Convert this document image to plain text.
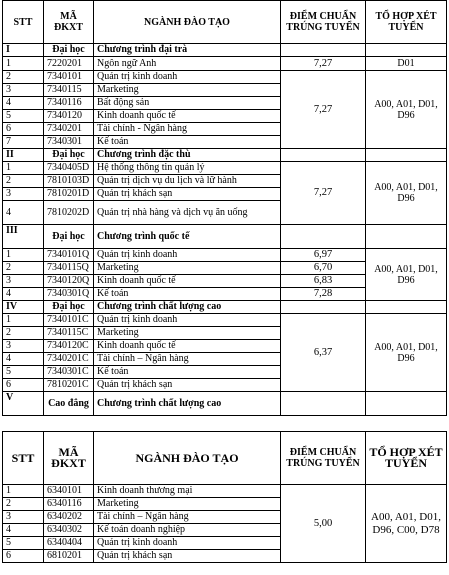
STT	MÃ ĐKXT	NGÀNH ĐÀO TẠO	ĐIỂM CHUẨN TRÚNG TUYỂN	TỔ HỢP XÉT TUYỂN
I	Đại học	Chương trình đại trà		
1	7220201	Ngôn ngữ Anh	7,27	D01
2	7340101	Quản trị kinh doanh	7,27	A00, A01, D01, D96
3	7340115	Marketing		
4	7340116	Bất động sản		
5	7340120	Kinh doanh quốc tế		
6	7340201	Tài chính - Ngân hàng		
7	7340301	Kế toán		
II	Đại học	Chương trình đặc thù		
1	7340405D	Hệ thống thông tin quản lý	7,27	A00, A01, D01, D96
2	7810103D	Quản trị dịch vụ du lịch và lữ hành		
3	7810201D	Quản trị khách sạn		
4	7810202D	Quản trị nhà hàng và dịch vụ ăn uống		
III	Đại học	Chương trình quốc tế		
1	7340101Q	Quản trị kinh doanh	6,97	A00, A01, D01, D96
2	7340115Q	Marketing	6,70	
3	7340120Q	Kinh doanh quốc tế	6,83	
4	7340301Q	Kế toán	7,28	
IV	Đại học	Chương trình chất lượng cao		
1	7340101C	Quản trị kinh doanh	6,37	A00, A01, D01, D96
2	7340115C	Marketing		
3	7340120C	Kinh doanh quốc tế		
4	7340201C	Tài chính – Ngân hàng		
5	7340301C	Kế toán		
6	7810201C	Quản trị khách sạn		
V	Cao đẳng	Chương trình chất lượng cao		
STT	MÃ ĐKXT	NGÀNH ĐÀO TẠO	ĐIỂM CHUẨN TRÚNG TUYỂN	TỔ HỢP XÉT TUYỂN
1	6340101	Kinh doanh thương mại	5,00	A00, A01, D01, D96, C00, D78
2	6340116	Marketing		
3	6340202	Tài chính – Ngân hàng		
4	6340302	Kế toán doanh nghiệp		
5	6340404	Quản trị kinh doanh		
6	6810201	Quản trị khách sạn		
